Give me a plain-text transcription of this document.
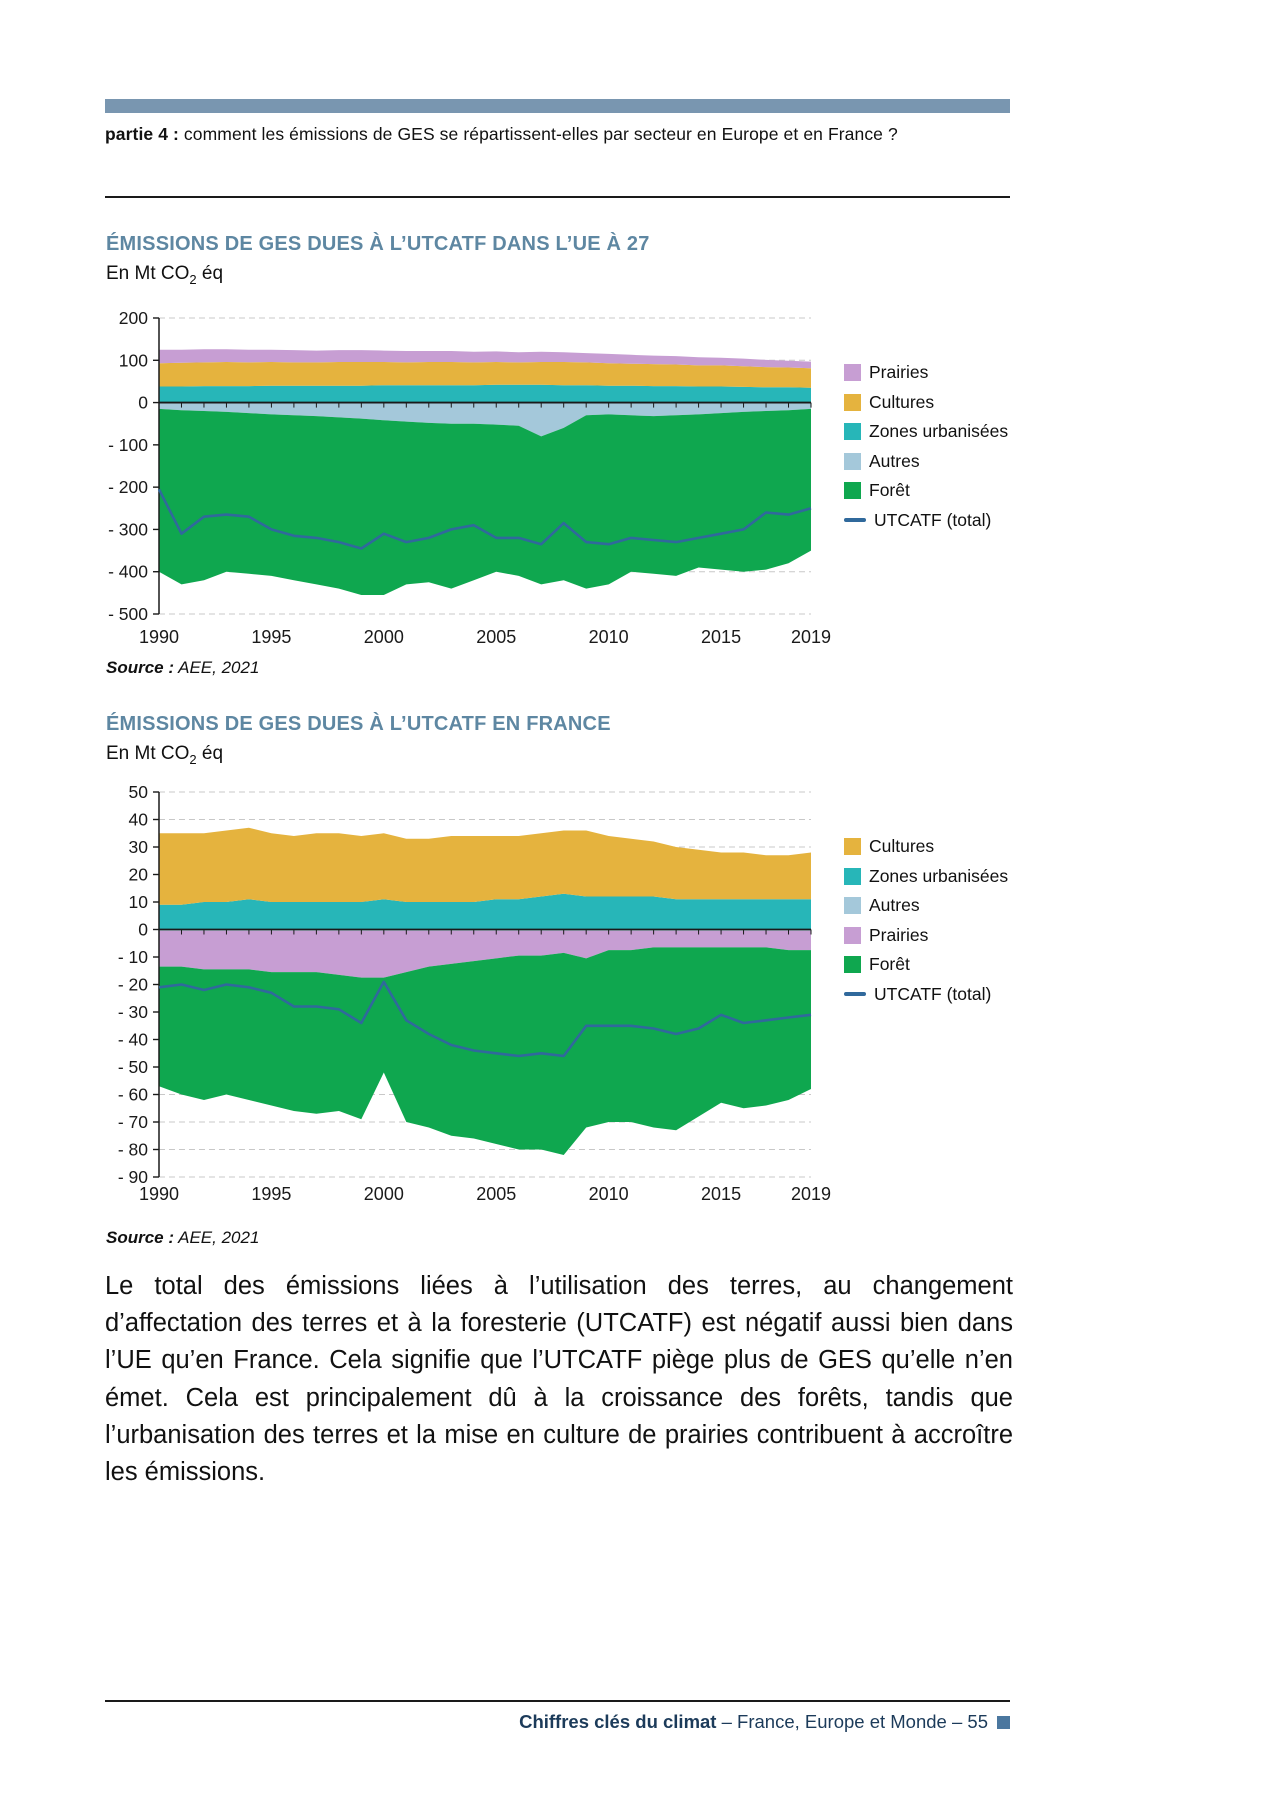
partie 4 : comment les émissions de GES se répartissent-elles par secteur en Europe et en France ?
ÉMISSIONS DE GES DUES À L’UTCATF DANS L’UE À 27
En Mt $CO_2$ éq
200
100
0
- 100
- 200
- 300
- 400
- 500
1990	1995	2000	2005	2010	2015	2019
Prairies
Cultures
Zones urbanisées
Autres
Forêt
UTCATF (total)
Source : AEE, 2021
ÉMISSIONS DE GES DUES À L’UTCATF EN FRANCE
En Mt $CO_2$ éq
50
40
30
20
10
0
- 10
- 20
- 30
- 40
- 50
- 60
- 70
- 80
- 90
1990	1995	2000	2005	2010	2015	2019
Cultures
Zones urbanisées
Autres
Prairies
Forêt
UTCATF (total)
Source : AEE, 2021

Le total des émissions liées à l’utilisation des terres, au changement d’affectation des terres et à la foresterie (UTCATF) est négatif aussi bien dans l’UE qu’en France. Cela signifie que l’UTCATF piège plus de GES qu’elle n’en émet. Cela est principalement dû à la croissance des forêts, tandis que l’urbanisation des terres et la mise en culture de prairies contribuent à accroître les émissions.

Chiffres clés du climat – France, Europe et Monde – 55
